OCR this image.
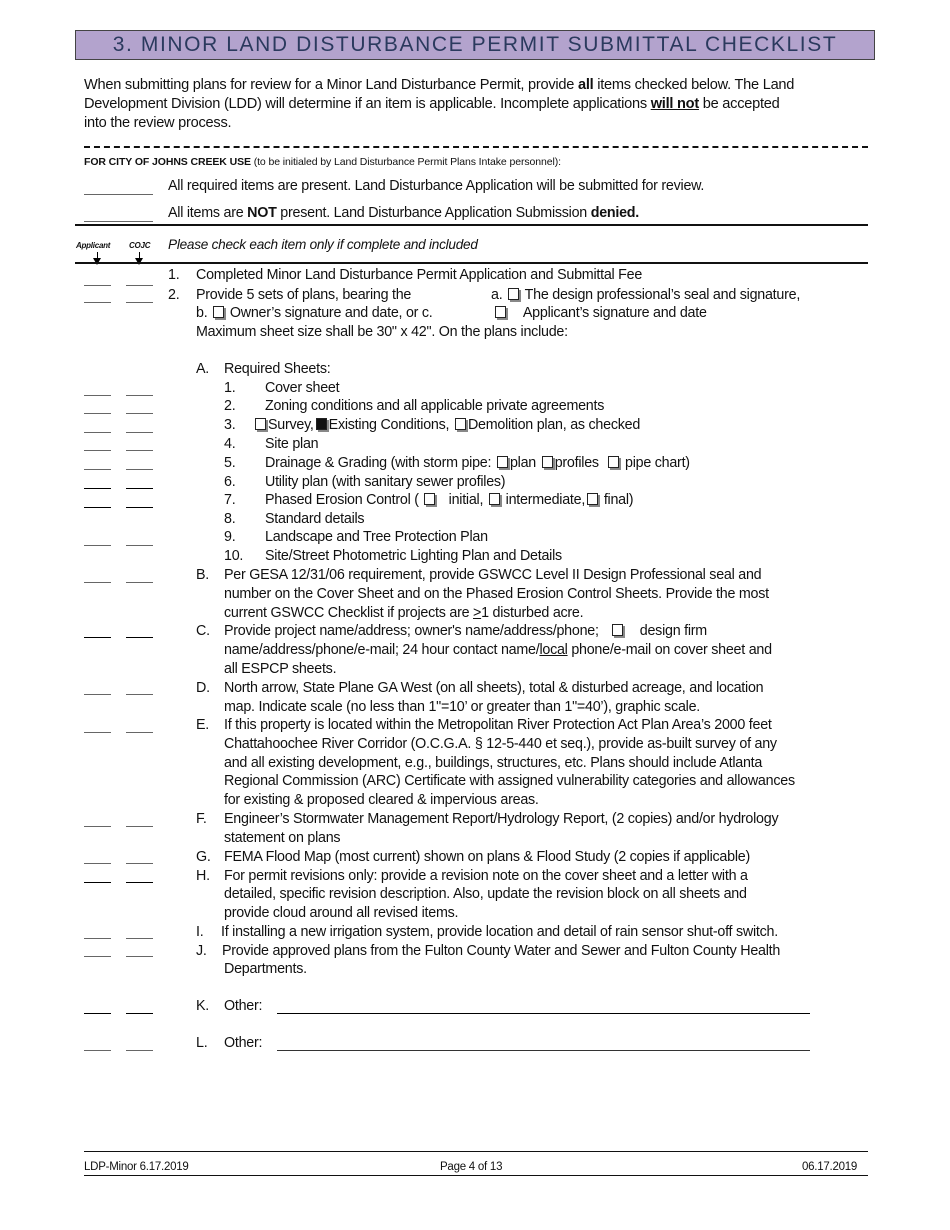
3. MINOR LAND DISTURBANCE PERMIT SUBMITTAL CHECKLIST
When submitting plans for review for a Minor Land Disturbance Permit, provide all items checked below. The Land
Development Division (LDD) will determine if an item is applicable. Incomplete applications will not be accepted
into the review process.
FOR CITY OF JOHNS CREEK USE (to be initialed by Land Disturbance Permit Plans Intake personnel):
All required items are present. Land Disturbance Application will be submitted for review.
All items are NOT present. Land Disturbance Application Submission denied.
Applicant COJC Please check each item only if complete and included
1. Completed Minor Land Disturbance Permit Application and Submittal Fee
2. Provide 5 sets of plans, bearing the	a. The design professional’s seal and signature,
b. Owner’s signature and date, or c.	Applicant’s signature and date
Maximum sheet size shall be 30" x 42". On the plans include:
A. Required Sheets:
1. Cover sheet
2. Zoning conditions and all applicable private agreements
3.	Survey, Existing Conditions, Demolition plan, as checked
4. Site plan
5. Drainage & Grading (with storm pipe: plan profiles pipe chart)
6. Utility plan (with sanitary sewer profiles)
7. Phased Erosion Control ( initial, intermediate, final)
8. Standard details
9. Landscape and Tree Protection Plan
10. Site/Street Photometric Lighting Plan and Details
B. Per GESA 12/31/06 requirement, provide GSWCC Level II Design Professional seal and
number on the Cover Sheet and on the Phased Erosion Control Sheets. Provide the most
current GSWCC Checklist if projects are ≥1 disturbed acre.
C. Provide project name/address; owner's name/address/phone;	design firm
name/address/phone/e-mail; 24 hour contact name/local phone/e-mail on cover sheet and
all ESPCP sheets.
D. North arrow, State Plane GA West (on all sheets), total & disturbed acreage, and location
map. Indicate scale (no less than 1"=10’ or greater than 1"=40’), graphic scale.
E. If this property is located within the Metropolitan River Protection Act Plan Area’s 2000 feet
Chattahoochee River Corridor (O.C.G.A. § 12-5-440 et seq.), provide as-built survey of any
and all existing development, e.g., buildings, structures, etc. Plans should include Atlanta
Regional Commission (ARC) Certificate with assigned vulnerability categories and allowances
for existing & proposed cleared & impervious areas.
F. Engineer’s Stormwater Management Report/Hydrology Report, (2 copies) and/or hydrology
statement on plans
G. FEMA Flood Map (most current) shown on plans & Flood Study (2 copies if applicable)
H. For permit revisions only: provide a revision note on the cover sheet and a letter with a
detailed, specific revision description. Also, update the revision block on all sheets and
provide cloud around all revised items.
I. If installing a new irrigation system, provide location and detail of rain sensor shut-off switch.
J. Provide approved plans from the Fulton County Water and Sewer and Fulton County Health
Departments.
K. Other:
L. Other:
LDP-Minor 6.17.2019	Page 4 of 13	06.17.2019
